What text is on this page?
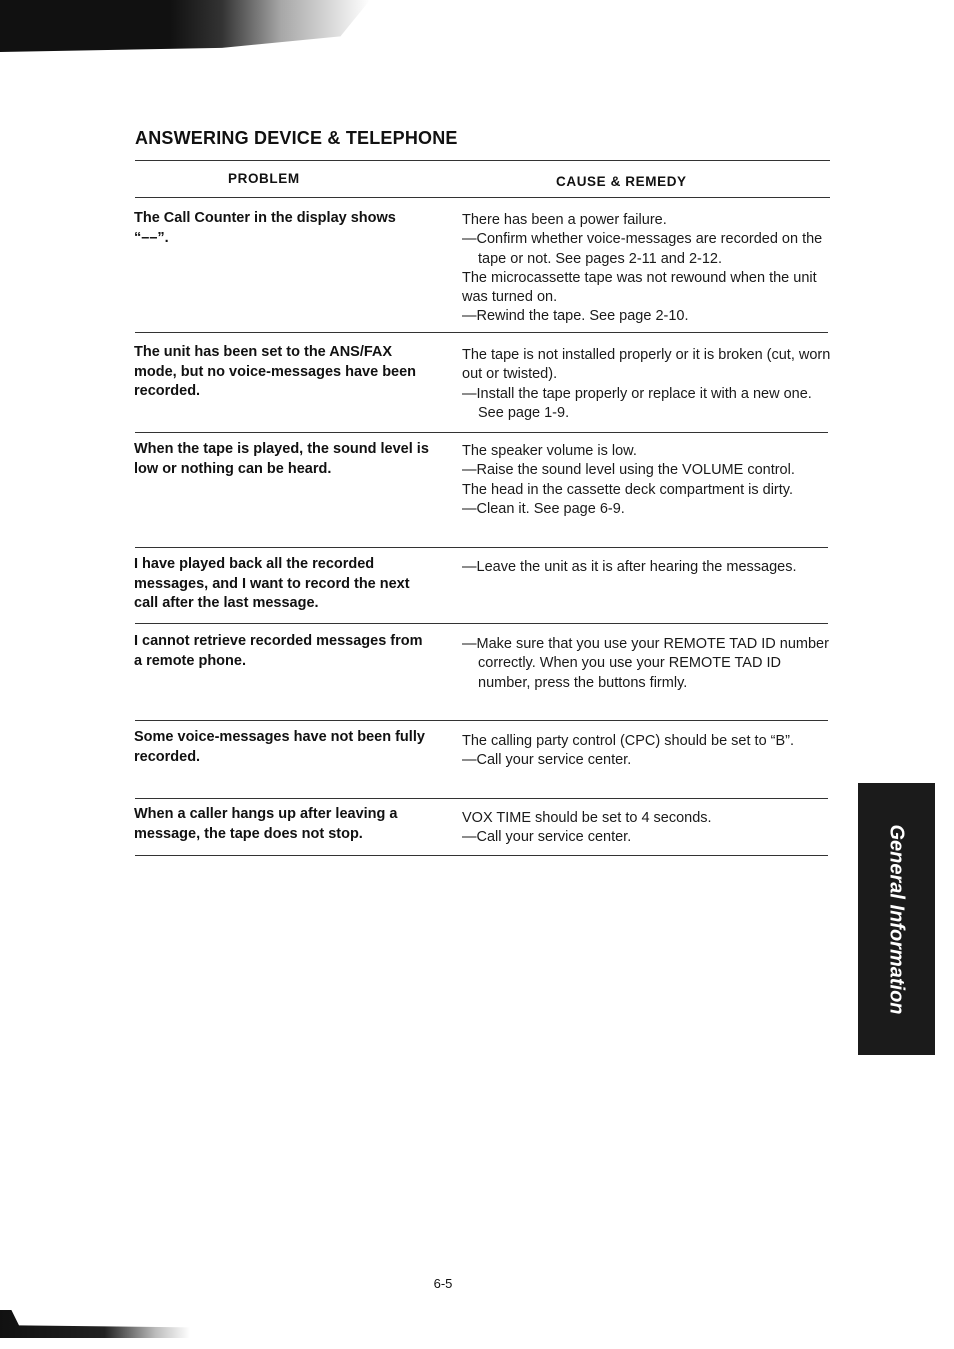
ANSWERING DEVICE & TELEPHONE
PROBLEM	CAUSE & REMEDY
The Call Counter in the display shows “––”.

There has been a power failure.

—Confirm whether voice-messages are recorded on the tape or not. See pages 2-11 and 2-12.

The microcassette tape was not rewound when the unit was turned on.

—Rewind the tape. See page 2-10.

The unit has been set to the ANS/FAX mode, but no voice-messages have been recorded.

The tape is not installed properly or it is broken (cut, worn out or twisted).

—Install the tape properly or replace it with a new one. See page 1-9.

When the tape is played, the sound level is low or nothing can be heard.

The speaker volume is low.

—Raise the sound level using the VOLUME control.

The head in the cassette deck compartment is dirty.

—Clean it. See page 6-9.

I have played back all the recorded messages, and I want to record the next call after the last message.

—Leave the unit as it is after hearing the messages.

I cannot retrieve recorded messages from a remote phone.

—Make sure that you use your REMOTE TAD ID number correctly. When you use your REMOTE TAD ID number, press the buttons firmly.

Some voice-messages have not been fully recorded.

The calling party control (CPC) should be set to “B”.

—Call your service center.

When a caller hangs up after leaving a message, the tape does not stop.

VOX TIME should be set to 4 seconds.

—Call your service center.	General Information
6-5
